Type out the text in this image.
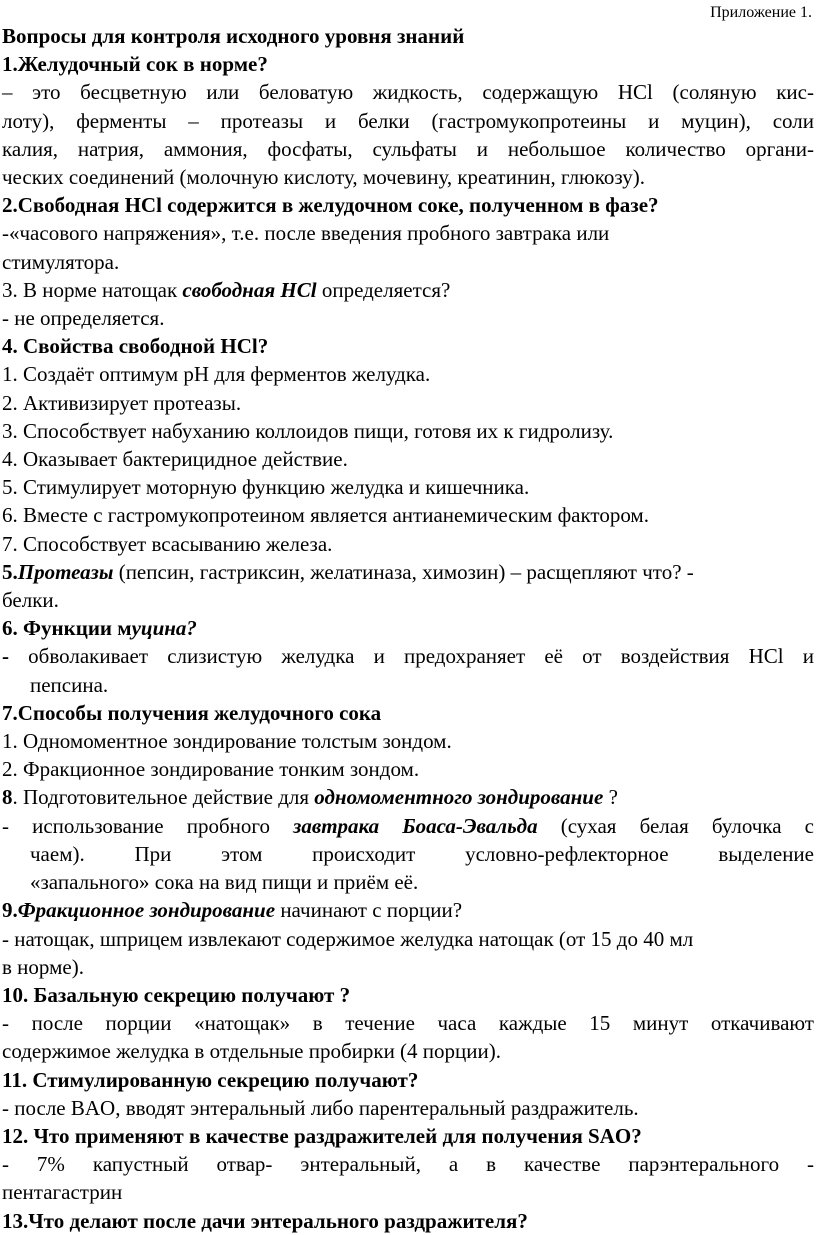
Приложение 1.

Вопросы для контроля исходного уровня знаний

1.Желудочный сок в норме?

– это бесцветную или беловатую жидкость, содержащую HCl (соляную кис-

лоту), ферменты – протеазы и белки (гастромукопротеины и муцин), соли

калия, натрия, аммония, фосфаты, сульфаты и небольшое количество органи-

ческих соединений (молочную кислоту, мочевину, креатинин, глюкозу).

2.Свободная HCl содержится в желудочном соке, полученном в фазе?

-«часового напряжения», т.е. после введения пробного завтрака или

стимулятора.

3. В норме натощак свободная HCl определяется?

- не определяется.

4. Свойства свободной HCl?

1. Создаёт оптимум pH для ферментов желудка.

2. Активизирует протеазы.

3. Способствует набуханию коллоидов пищи, готовя их к гидролизу.

4. Оказывает бактерицидное действие.

5. Стимулирует моторную функцию желудка и кишечника.

6. Вместе с гастромукопротеином является антианемическим фактором.

7. Способствует всасыванию железа.

5.Протеазы (пепсин, гастриксин, желатиназа, химозин) – расщепляют что? -

белки.

6. Функции муцина?

- обволакивает слизистую желудка и предохраняет её от воздействия HCl и

пепсина.

7.Способы получения желудочного сока

1. Одномоментное зондирование толстым зондом.

2. Фракционное зондирование тонким зондом.

8. Подготовительное действие для одномоментного зондирование ?

- использование пробного завтрака Боаса-Эвальда (сухая белая булочка с

чаем). При этом происходит условно-рефлекторное выделение

«запального» сока на вид пищи и приём её.

9.Фракционное зондирование начинают с порции?

- натощак, шприцем извлекают содержимое желудка натощак (от 15 до 40 мл

в норме).

10. Базальную секрецию получают ?

- после порции «натощак» в течение часа каждые 15 минут откачивают

содержимое желудка в отдельные пробирки (4 порции).

11. Стимулированную секрецию получают?

- после BAO, вводят энтеральный либо парентеральный раздражитель.

12. Что применяют в качестве раздражителей для получения SAO?

- 7% капустный отвар- энтеральный, а в качестве парэнтерального -

пентагастрин

13.Что делают после дачи энтерального раздражителя?
